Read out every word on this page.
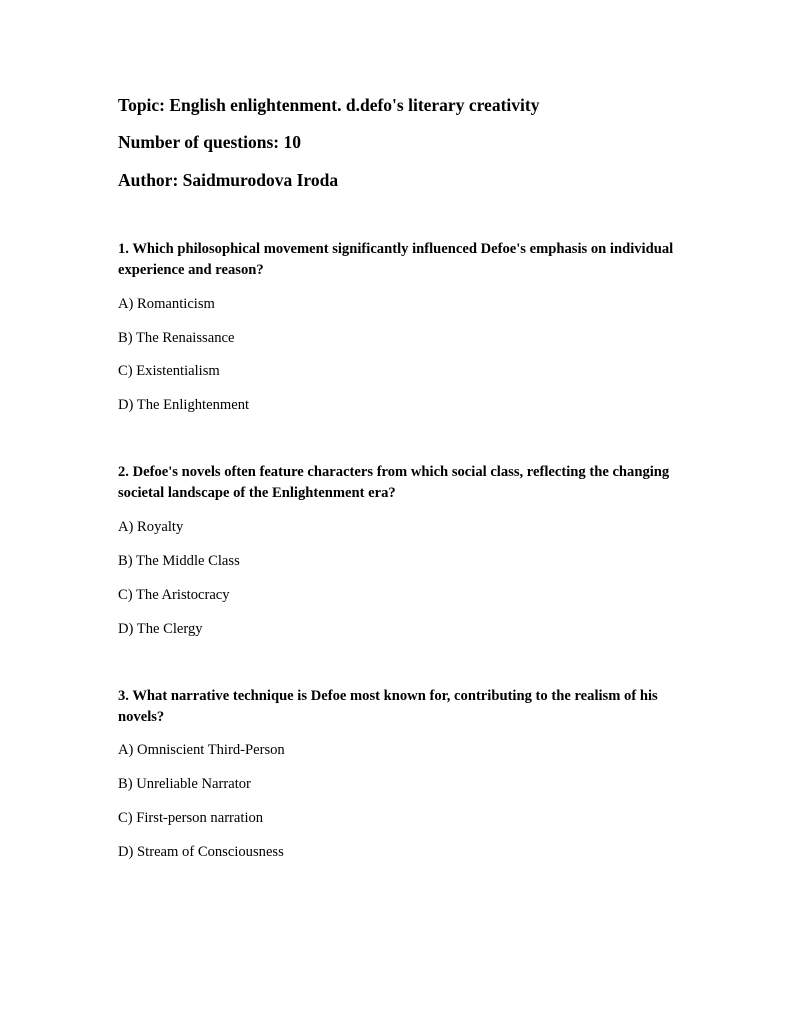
Topic: English enlightenment. d.defo's literary creativity
Number of questions: 10
Author: Saidmurodova Iroda

1. Which philosophical movement significantly influenced Defoe's emphasis on individual experience and reason?

A) Romanticism

B) The Renaissance

C) Existentialism

D) The Enlightenment

2. Defoe's novels often feature characters from which social class, reflecting the changing societal landscape of the Enlightenment era?

A) Royalty

B) The Middle Class

C) The Aristocracy

D) The Clergy

3. What narrative technique is Defoe most known for, contributing to the realism of his novels?

A) Omniscient Third-Person

B) Unreliable Narrator

C) First-person narration

D) Stream of Consciousness
